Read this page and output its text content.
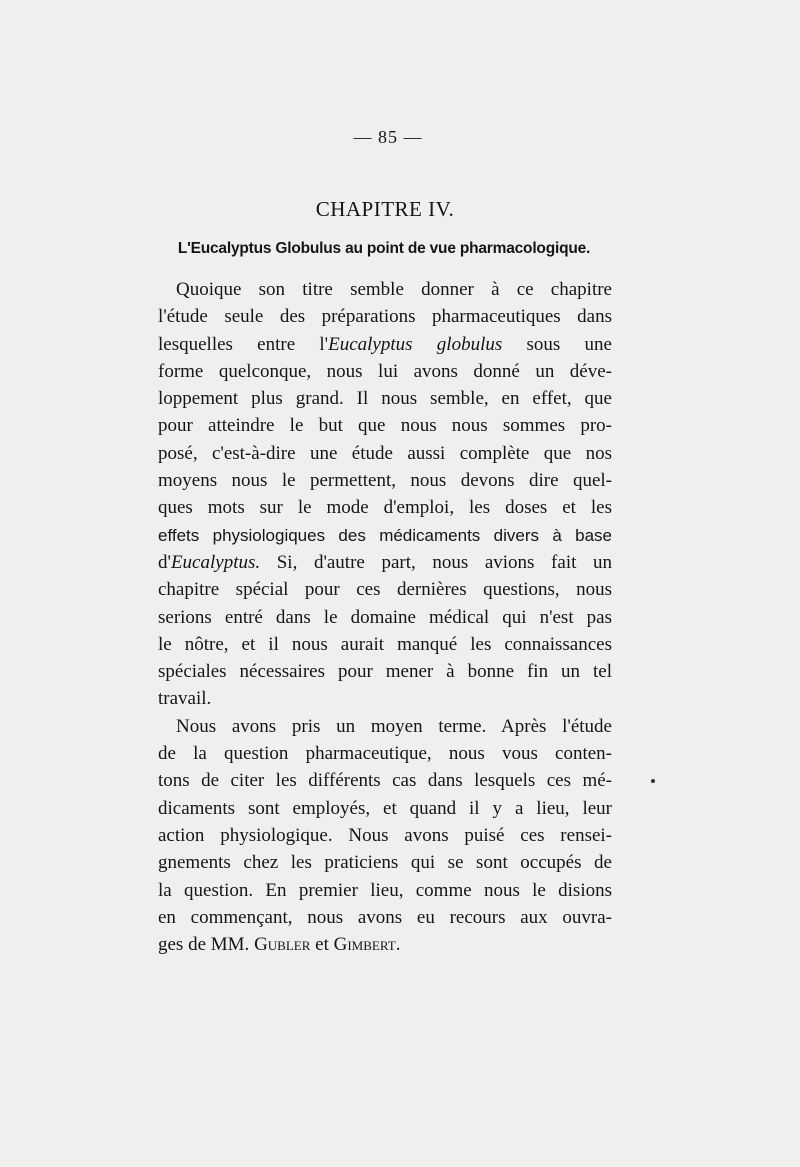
— 85 —
CHAPITRE IV.
L'Eucalyptus Globulus au point de vue pharmacologique.
Quoique son titre semble donner à ce chapitre
l'étude seule des préparations pharmaceutiques dans
lesquelles entre l'Eucalyptus globulus sous une
forme quelconque, nous lui avons donné un déve-
loppement plus grand. Il nous semble, en effet, que
pour atteindre le but que nous nous sommes pro-
posé, c'est-à-dire une étude aussi complète que nos
moyens nous le permettent, nous devons dire quel-
ques mots sur le mode d'emploi, les doses et les
effets physiologiques des médicaments divers à base
d'Eucalyptus. Si, d'autre part, nous avions fait un
chapitre spécial pour ces dernières questions, nous
serions entré dans le domaine médical qui n'est pas
le nôtre, et il nous aurait manqué les connaissances
spéciales nécessaires pour mener à bonne fin un tel
travail.
Nous avons pris un moyen terme. Après l'étude
de la question pharmaceutique, nous vous conten-
tons de citer les différents cas dans lesquels ces mé-
dicaments sont employés, et quand il y a lieu, leur
action physiologique. Nous avons puisé ces rensei-
gnements chez les praticiens qui se sont occupés de
la question. En premier lieu, comme nous le disions
en commençant, nous avons eu recours aux ouvra-
ges de MM. Gubler et Gimbert.
